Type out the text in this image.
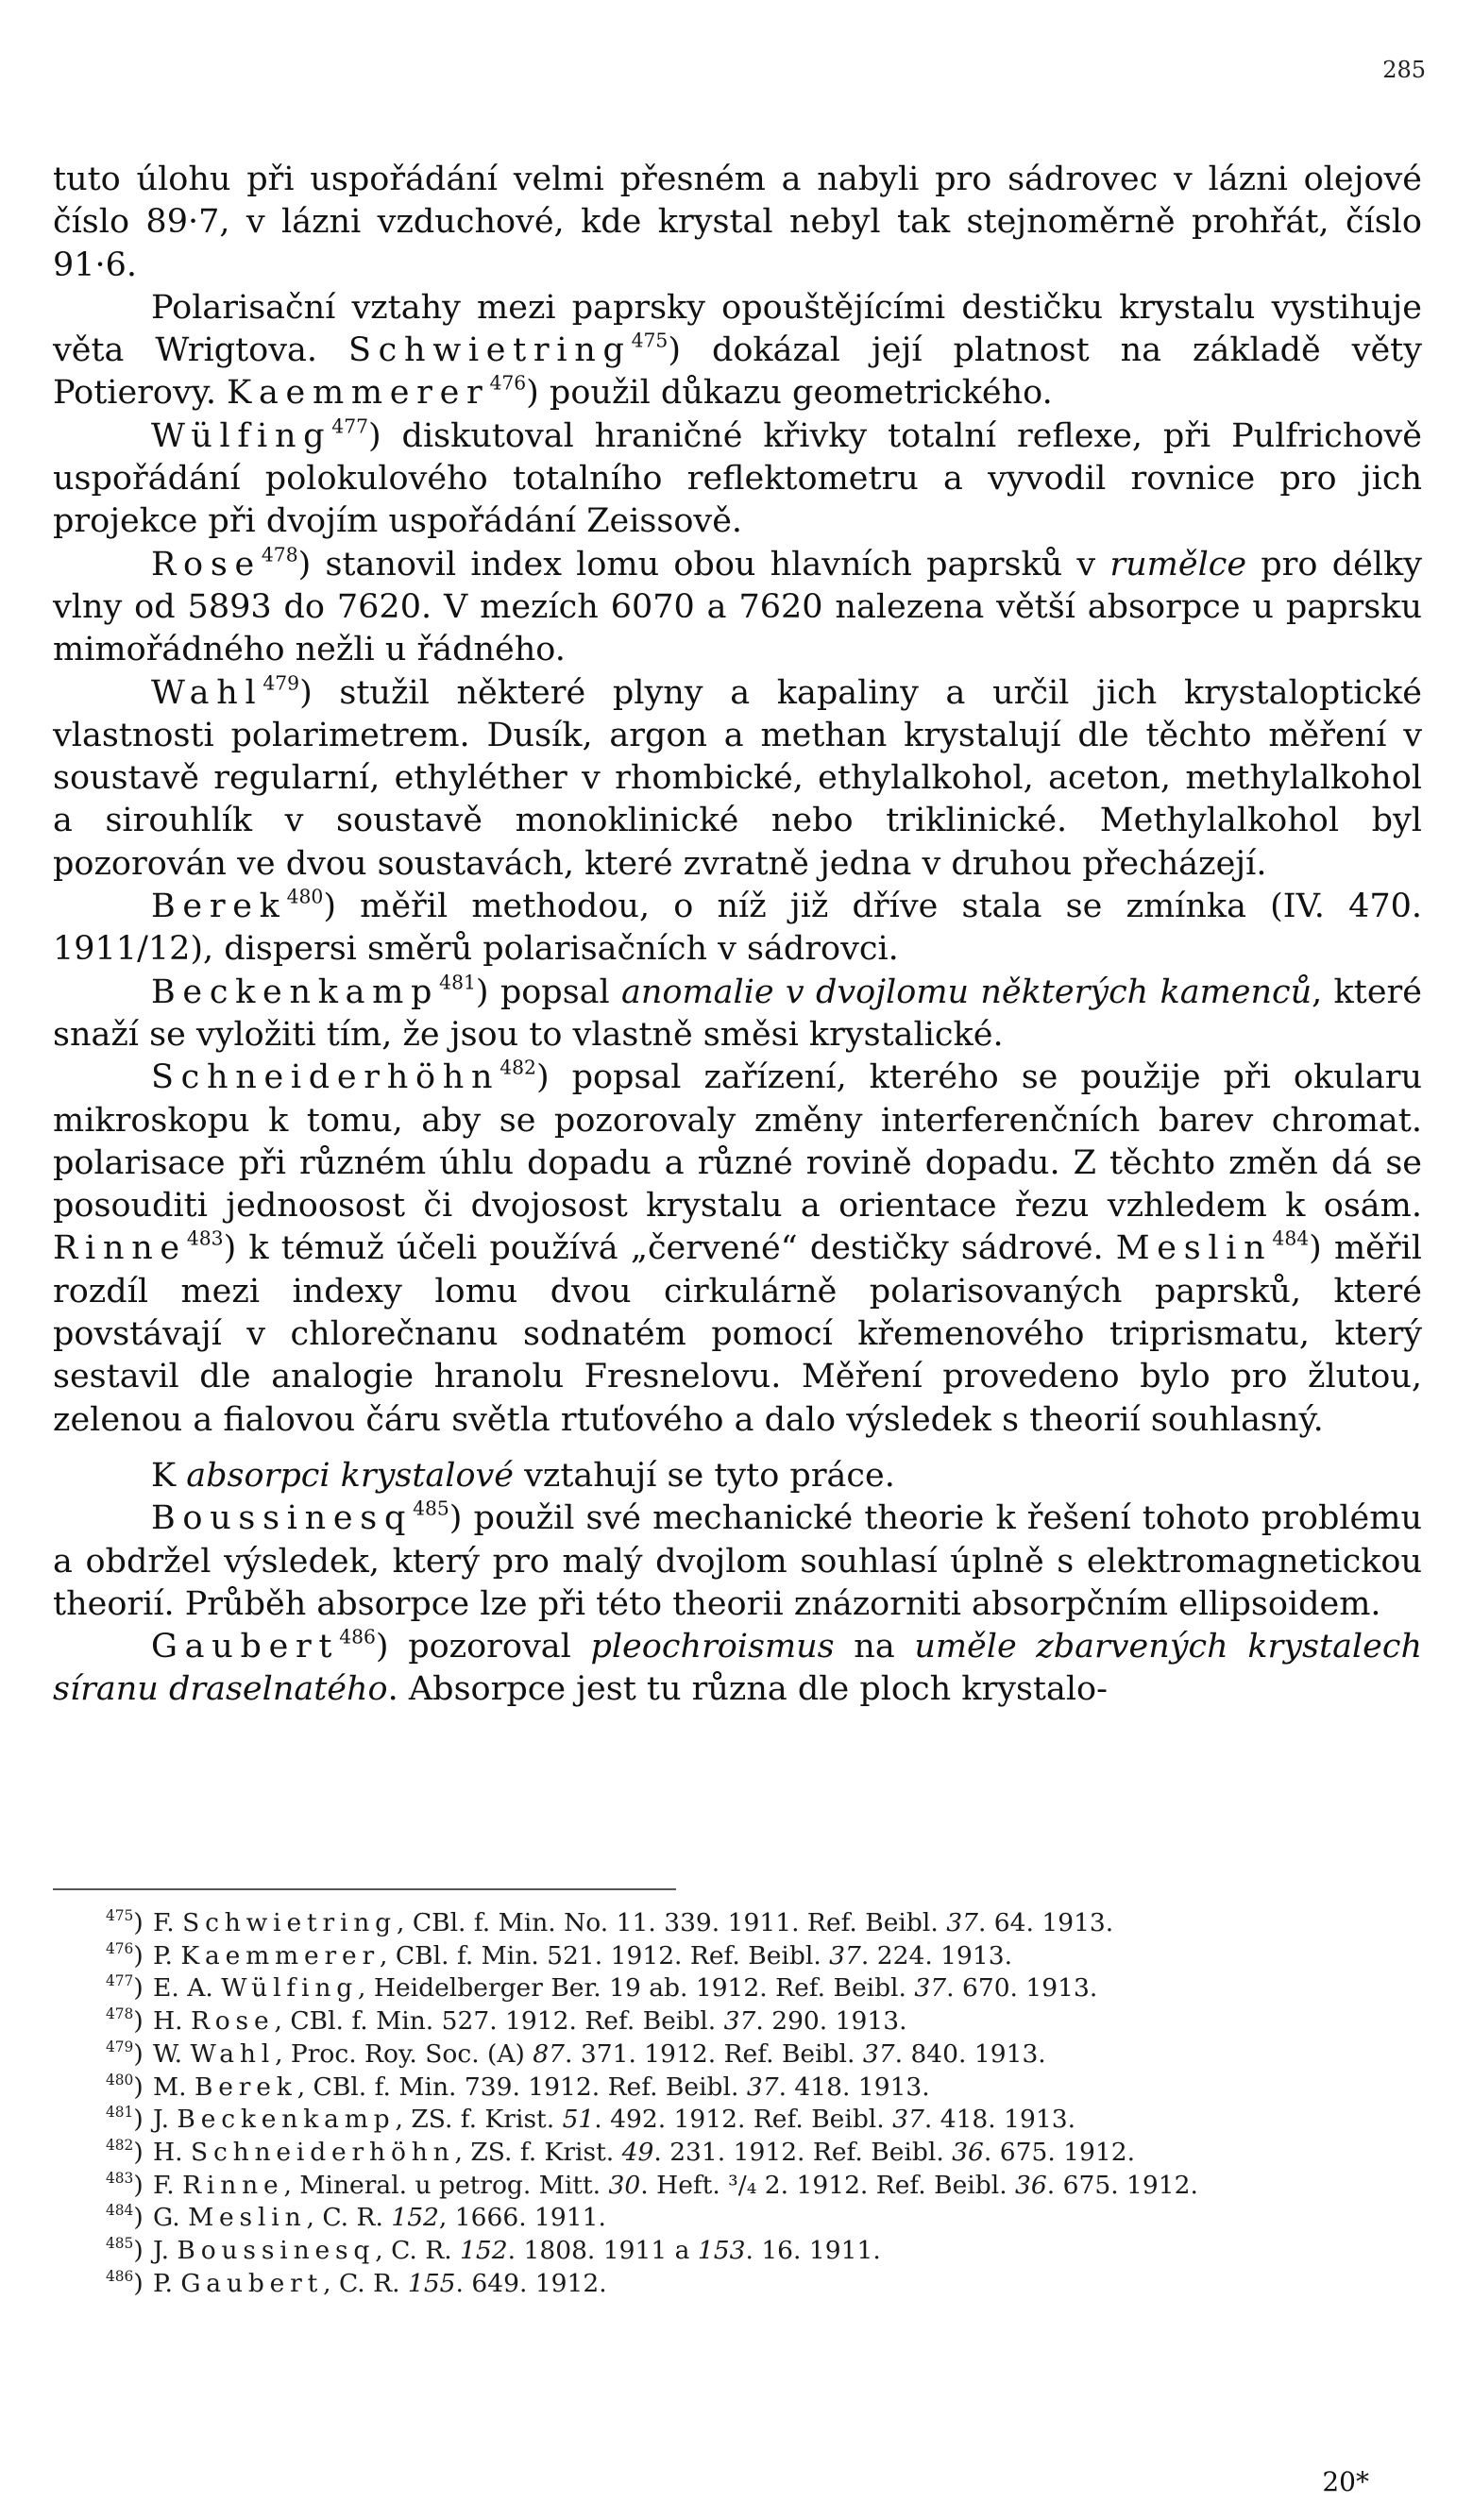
285

tuto úlohu při uspořádání velmi přesném a nabyli pro sádrovec v lázni olejové číslo 89·7, v lázni vzduchové, kde krystal nebyl tak stejnoměrně prohřát, číslo 91·6.

Polarisační vztahy mezi paprsky opouštějícími destičku krystalu vystihuje věta Wrigtova. Schwietring$^{475}$) dokázal její platnost na základě věty Potierovy. Kaemmerer$^{476}$) použil důkazu geometrického.

Wülfing$^{477}$) diskutoval hraničné křivky totalní reflexe, při Pulfrichově uspořádání polokulového totalního reflektometru a vyvodil rovnice pro jich projekce při dvojím uspořádání Zeissově.

Rose$^{478}$) stanovil index lomu obou hlavních paprsků v rumělce pro délky vlny od 5893 do 7620. V mezích 6070 a 7620 nalezena větší absorpce u paprsku mimořádného nežli u řádného.

Wahl$^{479}$) stužil některé plyny a kapaliny a určil jich krystaloptické vlastnosti polarimetrem. Dusík, argon a methan krystalují dle těchto měření v soustavě regularní, ethyléther v rhombické, ethylalkohol, aceton, methylalkohol a sirouhlík v soustavě monoklinické nebo triklinické. Methylalkohol byl pozorován ve dvou soustavách, které zvratně jedna v druhou přecházejí.

Berek$^{480}$) měřil methodou, o níž již dříve stala se zmínka (IV. 470. 1911/12), dispersi směrů polarisačních v sádrovci.

Beckenkamp$^{481}$) popsal anomalie v dvojlomu některých kamenců, které snaží se vyložiti tím, že jsou to vlastně směsi krystalické.

Schneiderhöhn$^{482}$) popsal zařízení, kterého se použije při okularu mikroskopu k tomu, aby se pozorovaly změny interferenčních barev chromat. polarisace při různém úhlu dopadu a různé rovině dopadu. Z těchto změn dá se posouditi jednoosost či dvojosost krystalu a orientace řezu vzhledem k osám. Rinne$^{483}$) k témuž účeli používá „červené“ destičky sádrové. Meslin$^{484}$) měřil rozdíl mezi indexy lomu dvou cirkulárně polarisovaných paprsků, které povstávají v chlorečnanu sodnatém pomocí křemenového triprismatu, který sestavil dle analogie hranolu Fresnelovu. Měření provedeno bylo pro žlutou, zelenou a fialovou čáru světla rtuťového a dalo výsledek s theorií souhlasný.

K absorpci krystalové vztahují se tyto práce.

Boussinesq$^{485}$) použil své mechanické theorie k řešení tohoto problému a obdržel výsledek, který pro malý dvojlom souhlasí úplně s elektromagnetickou theorií. Průběh absorpce lze při této theorii znázorniti absorpčním ellipsoidem.

Gaubert$^{486}$) pozoroval pleochroismus na uměle zbarvených krystalech síranu draselnatého. Absorpce jest tu různa dle ploch krystalo-

$^{475}$) F. Schwietring, CBl. f. Min. No. 11. 339. 1911. Ref. Beibl. 37. 64. 1913.

$^{476}$) P. Kaemmerer, CBl. f. Min. 521. 1912. Ref. Beibl. 37. 224. 1913.

$^{477}$) E. A. Wülfing, Heidelberger Ber. 19 ab. 1912. Ref. Beibl. 37. 670. 1913.

$^{478}$) H. Rose, CBl. f. Min. 527. 1912. Ref. Beibl. 37. 290. 1913.

$^{479}$) W. Wahl, Proc. Roy. Soc. (A) 87. 371. 1912. Ref. Beibl. 37. 840. 1913.

$^{480}$) M. Berek, CBl. f. Min. 739. 1912. Ref. Beibl. 37. 418. 1913.

$^{481}$) J. Beckenkamp, ZS. f. Krist. 51. 492. 1912. Ref. Beibl. 37. 418. 1913.

$^{482}$) H. Schneiderhöhn, ZS. f. Krist. 49. 231. 1912. Ref. Beibl. 36. 675. 1912.

$^{483}$) F. Rinne, Mineral. u petrog. Mitt. 30. Heft. ³/₄ 2. 1912. Ref. Beibl. 36. 675. 1912.

$^{484}$) G. Meslin, C. R. 152, 1666. 1911.

$^{485}$) J. Boussinesq, C. R. 152. 1808. 1911 a 153. 16. 1911.

$^{486}$) P. Gaubert, C. R. 155. 649. 1912.

20*
